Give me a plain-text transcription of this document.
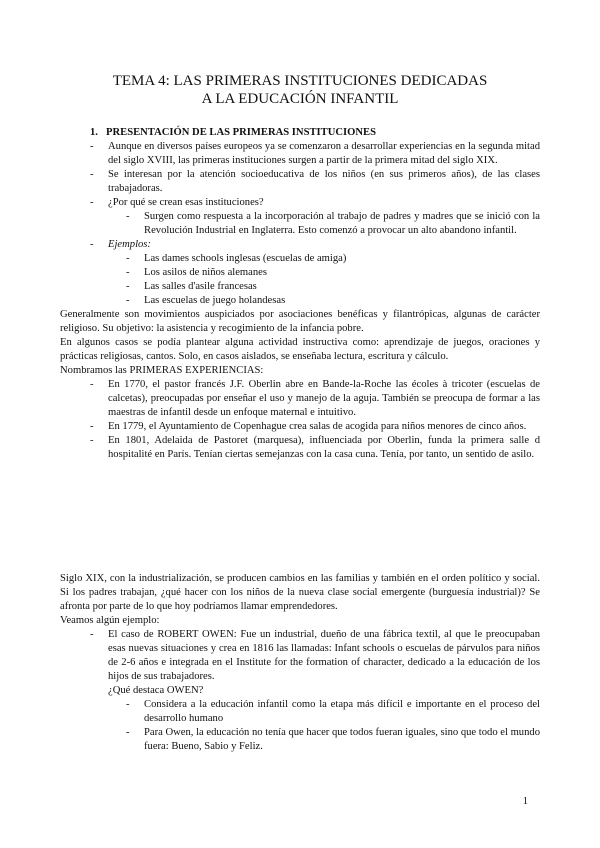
TEMA 4: LAS PRIMERAS INSTITUCIONES DEDICADAS
A LA EDUCACIÓN INFANTIL
1. PRESENTACIÓN DE LAS PRIMERAS INSTITUCIONES
- Aunque en diversos países europeos ya se comenzaron a desarrollar experiencias en la segunda mitad del siglo XVIII, las primeras instituciones surgen a partir de la primera mitad del siglo XIX.
- Se interesan por la atención socioeducativa de los niños (en sus primeros años), de las clases trabajadoras.
- ¿Por qué se crean esas instituciones?
- Surgen como respuesta a la incorporación al trabajo de padres y madres que se inició con la Revolución Industrial en Inglaterra. Esto comenzó a provocar un alto abandono infantil.
- Ejemplos:
- Las dames schools inglesas (escuelas de amiga)
- Los asilos de niños alemanes
- Las salles d'asile francesas
- Las escuelas de juego holandesas
Generalmente son movimientos auspiciados por asociaciones benéficas y filantrópicas, algunas de carácter religioso. Su objetivo: la asistencia y recogimiento de la infancia pobre.
En algunos casos se podía plantear alguna actividad instructiva como: aprendizaje de juegos, oraciones y prácticas religiosas, cantos. Solo, en casos aislados, se enseñaba lectura, escritura y cálculo.
Nombramos las PRIMERAS EXPERIENCIAS:
- En 1770, el pastor francés J.F. Oberlin abre en Bande-la-Roche las écoles à tricoter (escuelas de calcetas), preocupadas por enseñar el uso y manejo de la aguja. También se preocupa de formar a las maestras de infantil desde un enfoque maternal e intuitivo.
- En 1779, el Ayuntamiento de Copenhague crea salas de acogida para niños menores de cinco años.
- En 1801, Adelaida de Pastoret (marquesa), influenciada por Oberlin, funda la primera salle d hospitalité en París. Tenían ciertas semejanzas con la casa cuna. Tenía, por tanto, un sentido de asilo.
Siglo XIX, con la industrialización, se producen cambios en las familias y también en el orden político y social. Si los padres trabajan, ¿qué hacer con los niños de la nueva clase social emergente (burguesía industrial)? Se afronta por parte de lo que hoy podríamos llamar emprendedores.
Veamos algún ejemplo:
- El caso de ROBERT OWEN: Fue un industrial, dueño de una fábrica textil, al que le preocupaban esas nuevas situaciones y crea en 1816 las llamadas: Infant schools o escuelas de párvulos para niños de 2-6 años e integrada en el Institute for the formation of character, dedicado a la educación de los hijos de sus trabajadores.
¿Qué destaca OWEN?
- Considera a la educación infantil como la etapa más difícil e importante en el proceso del desarrollo humano
- Para Owen, la educación no tenía que hacer que todos fueran iguales, sino que todo el mundo fuera: Bueno, Sabio y Feliz.
1
